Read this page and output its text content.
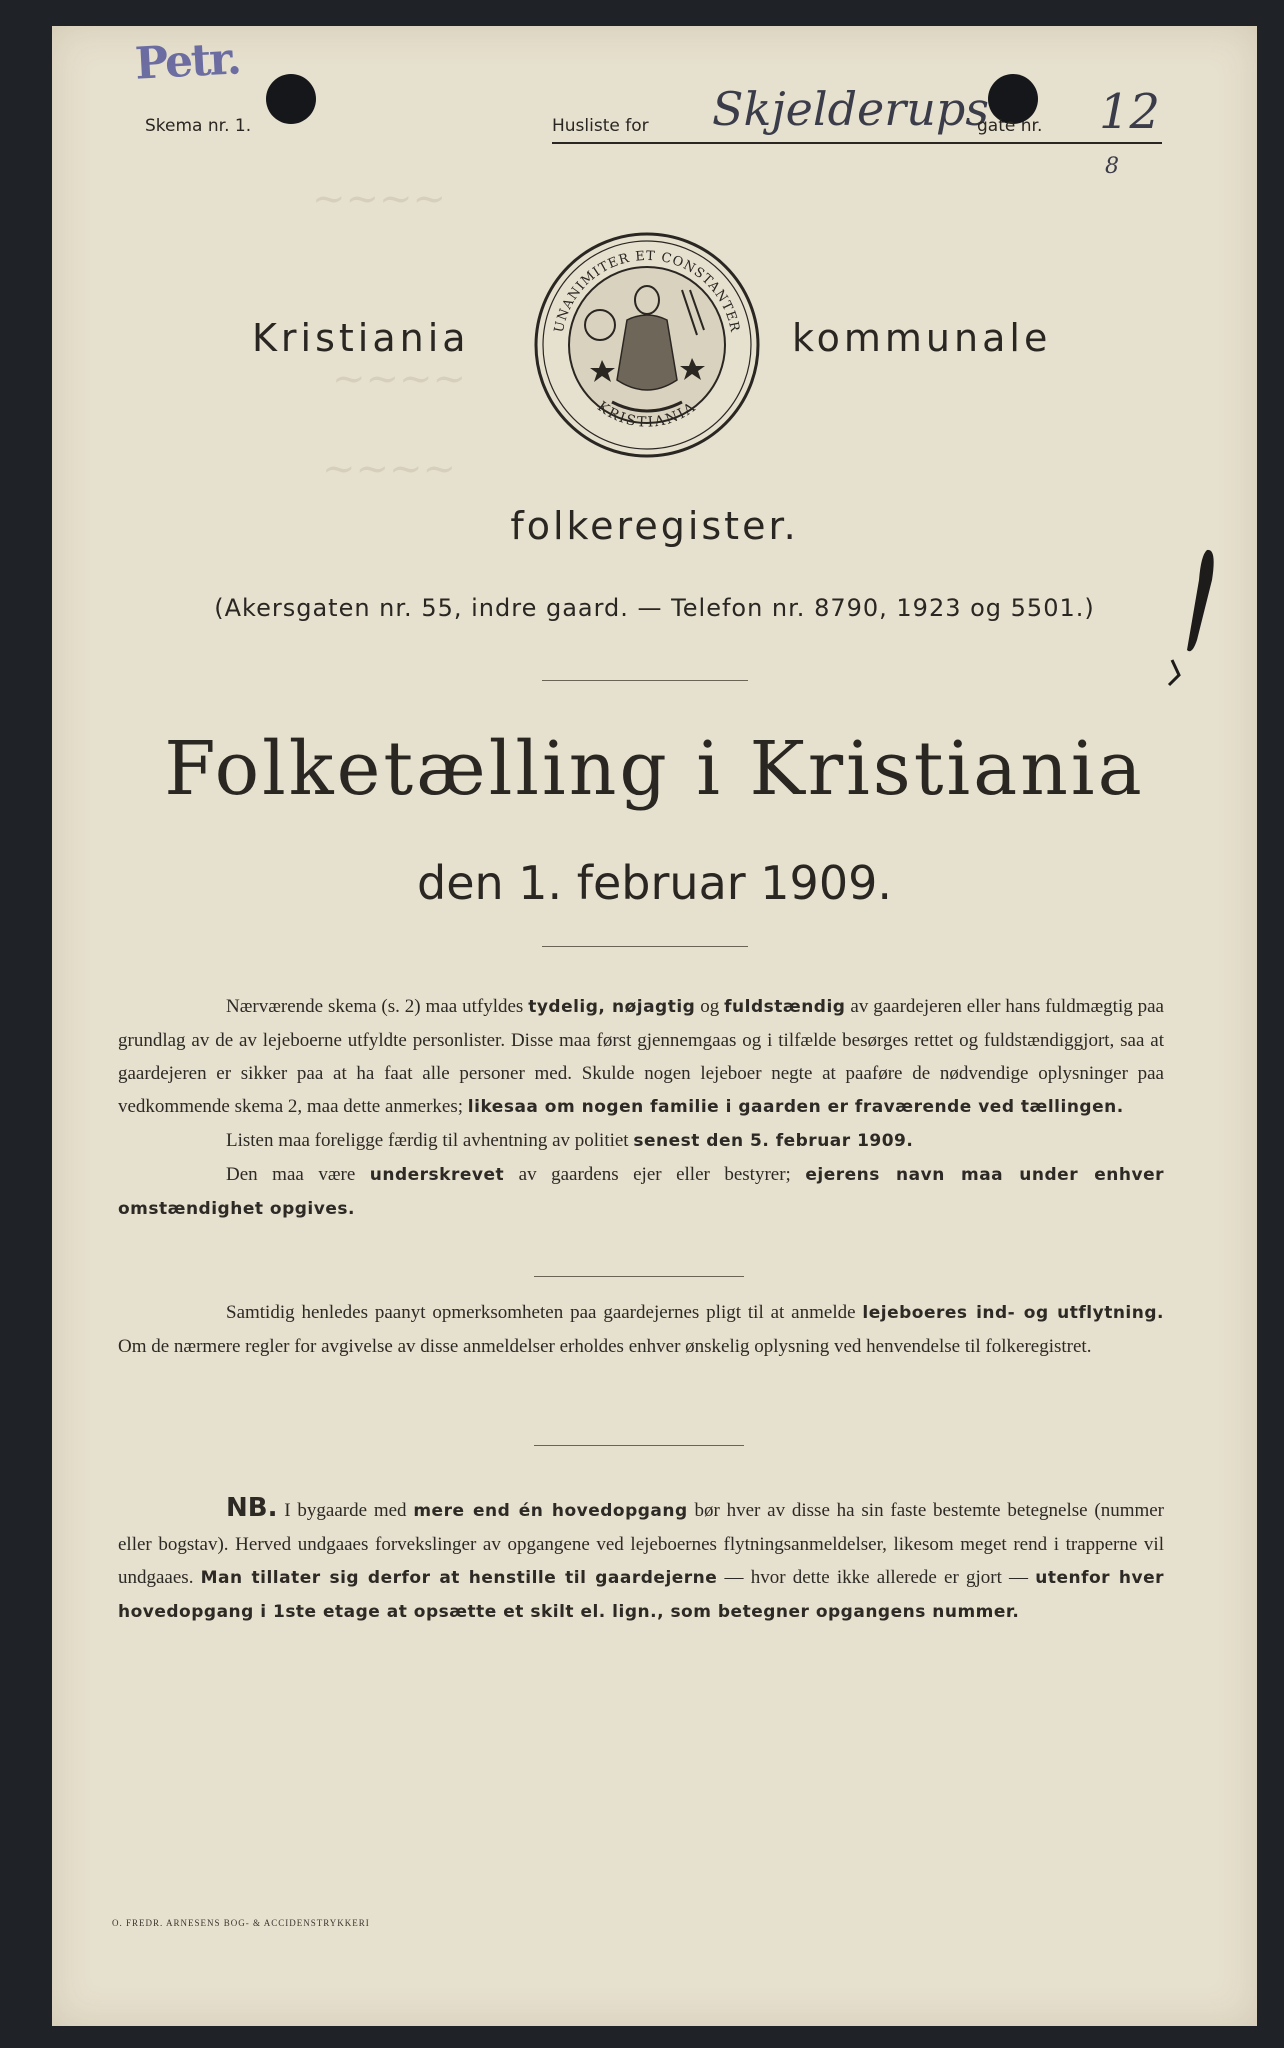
~~~~
~~~~
~~~~
Petr.
Skema nr. 1.	Husliste for Skjelderups
gate nr. 12
8
Kristiania	UNANIMITER ET CONSTANTER
KRISTIANIA
kommunale
folkeregister.
(Akersgaten nr. 55, indre gaard. — Telefon nr. 8790, 1923 og 5501.)
Folketælling i Kristiania
den 1. februar 1909.

Nærværende skema (s. 2) maa utfyldes tydelig, nøjagtig og fuldstændig av gaardejeren eller hans fuldmægtig paa grundlag av de av lejeboerne utfyldte personlister. Disse maa først gjennemgaas og i tilfælde besørges rettet og fuldstændiggjort, saa at gaardejeren er sikker paa at ha faat alle personer med. Skulde nogen lejeboer negte at paaføre de nødvendige oplysninger paa vedkommende skema 2, maa dette anmerkes; likesaa om nogen familie i gaarden er fraværende ved tællingen.

Listen maa foreligge færdig til avhentning av politiet senest den 5. februar 1909.

Den maa være underskrevet av gaardens ejer eller bestyrer; ejerens navn maa under enhver omstændighet opgives.

Samtidig henledes paanyt opmerksomheten paa gaardejernes pligt til at anmelde lejeboeres ind- og utflytning. Om de nærmere regler for avgivelse av disse anmeldelser erholdes enhver ønskelig oplysning ved henvendelse til folkeregistret.

NB. I bygaarde med mere end én hovedopgang bør hver av disse ha sin faste bestemte betegnelse (nummer eller bogstav). Herved undgaaes forvekslinger av opgangene ved lejeboernes flytningsanmeldelser, likesom meget rend i trapperne vil undgaaes. Man tillater sig derfor at henstille til gaardejerne — hvor dette ikke allerede er gjort — utenfor hver hovedopgang i 1ste etage at opsætte et skilt el. lign., som betegner opgangens nummer.

O. FREDR. ARNESENS BOG- & ACCIDENSTRYKKERI
